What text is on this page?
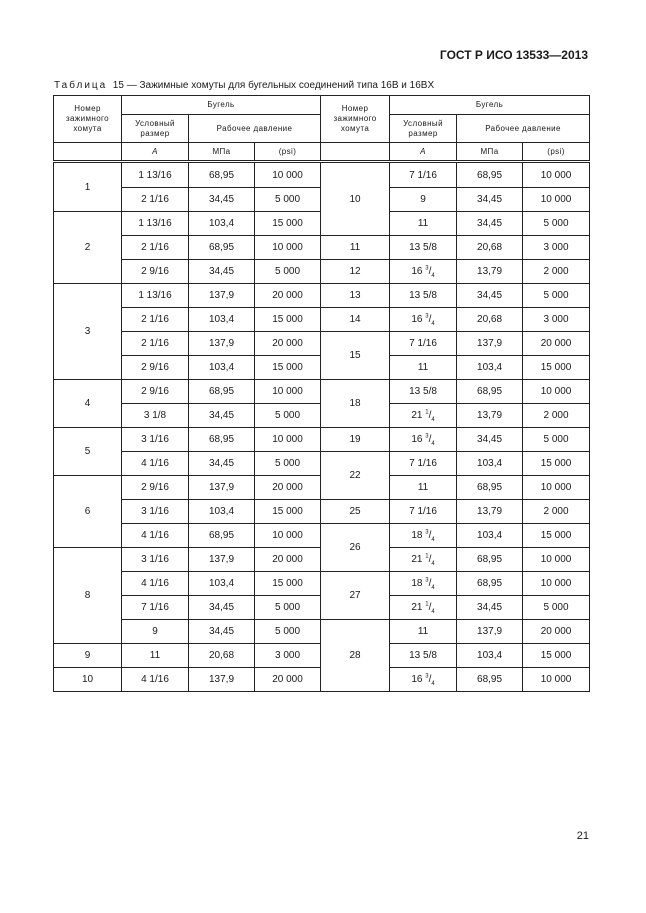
ГОСТ Р ИСО 13533—2013
Таблица 15 — Зажимные хомуты для бугельных соединений типа 16B и 16BX
Номер зажимного хомута	Бугель			Номер зажимного хомута	Бугель		
	Условный размер	Рабочее давление			Условный размер	Рабочее давление	
	A	МПа	(psi)		A	МПа	(psi)
1	1 13/16	68,95	10 000	10	7 1/16	68,95	10 000
	2 1/16	34,45	5 000		9	34,45	10 000
2	1 13/16	103,4	15 000		11	34,45	5 000
	2 1/16	68,95	10 000	11	13 5/8	20,68	3 000
	2 9/16	34,45	5 000	12	16 $^3/_4$	13,79	2 000
3	1 13/16	137,9	20 000	13	13 5/8	34,45	5 000
	2 1/16	103,4	15 000	14	16 $^3/_4$	20,68	3 000
	2 1/16	137,9	20 000	15	7 1/16	137,9	20 000
	2 9/16	103,4	15 000		11	103,4	15 000
4	2 9/16	68,95	10 000	18	13 5/8	68,95	10 000
	3 1/8	34,45	5 000		21 $^1/_4$	13,79	2 000
5	3 1/16	68,95	10 000	19	16 $^3/_4$	34,45	5 000
	4 1/16	34,45	5 000	22	7 1/16	103,4	15 000
6	2 9/16	137,9	20 000		11	68,95	10 000
	3 1/16	103,4	15 000	25	7 1/16	13,79	2 000
	4 1/16	68,95	10 000	26	18 $^3/_4$	103,4	15 000
8	3 1/16	137,9	20 000		21 $^1/_4$	68,95	10 000
	4 1/16	103,4	15 000	27	18 $^3/_4$	68,95	10 000
	7 1/16	34,45	5 000		21 $^1/_4$	34,45	5 000
	9	34,45	5 000	28	11	137,9	20 000
9	11	20,68	3 000		13 5/8	103,4	15 000
10	4 1/16	137,9	20 000		16 $^3/_4$	68,95	10 000
21
